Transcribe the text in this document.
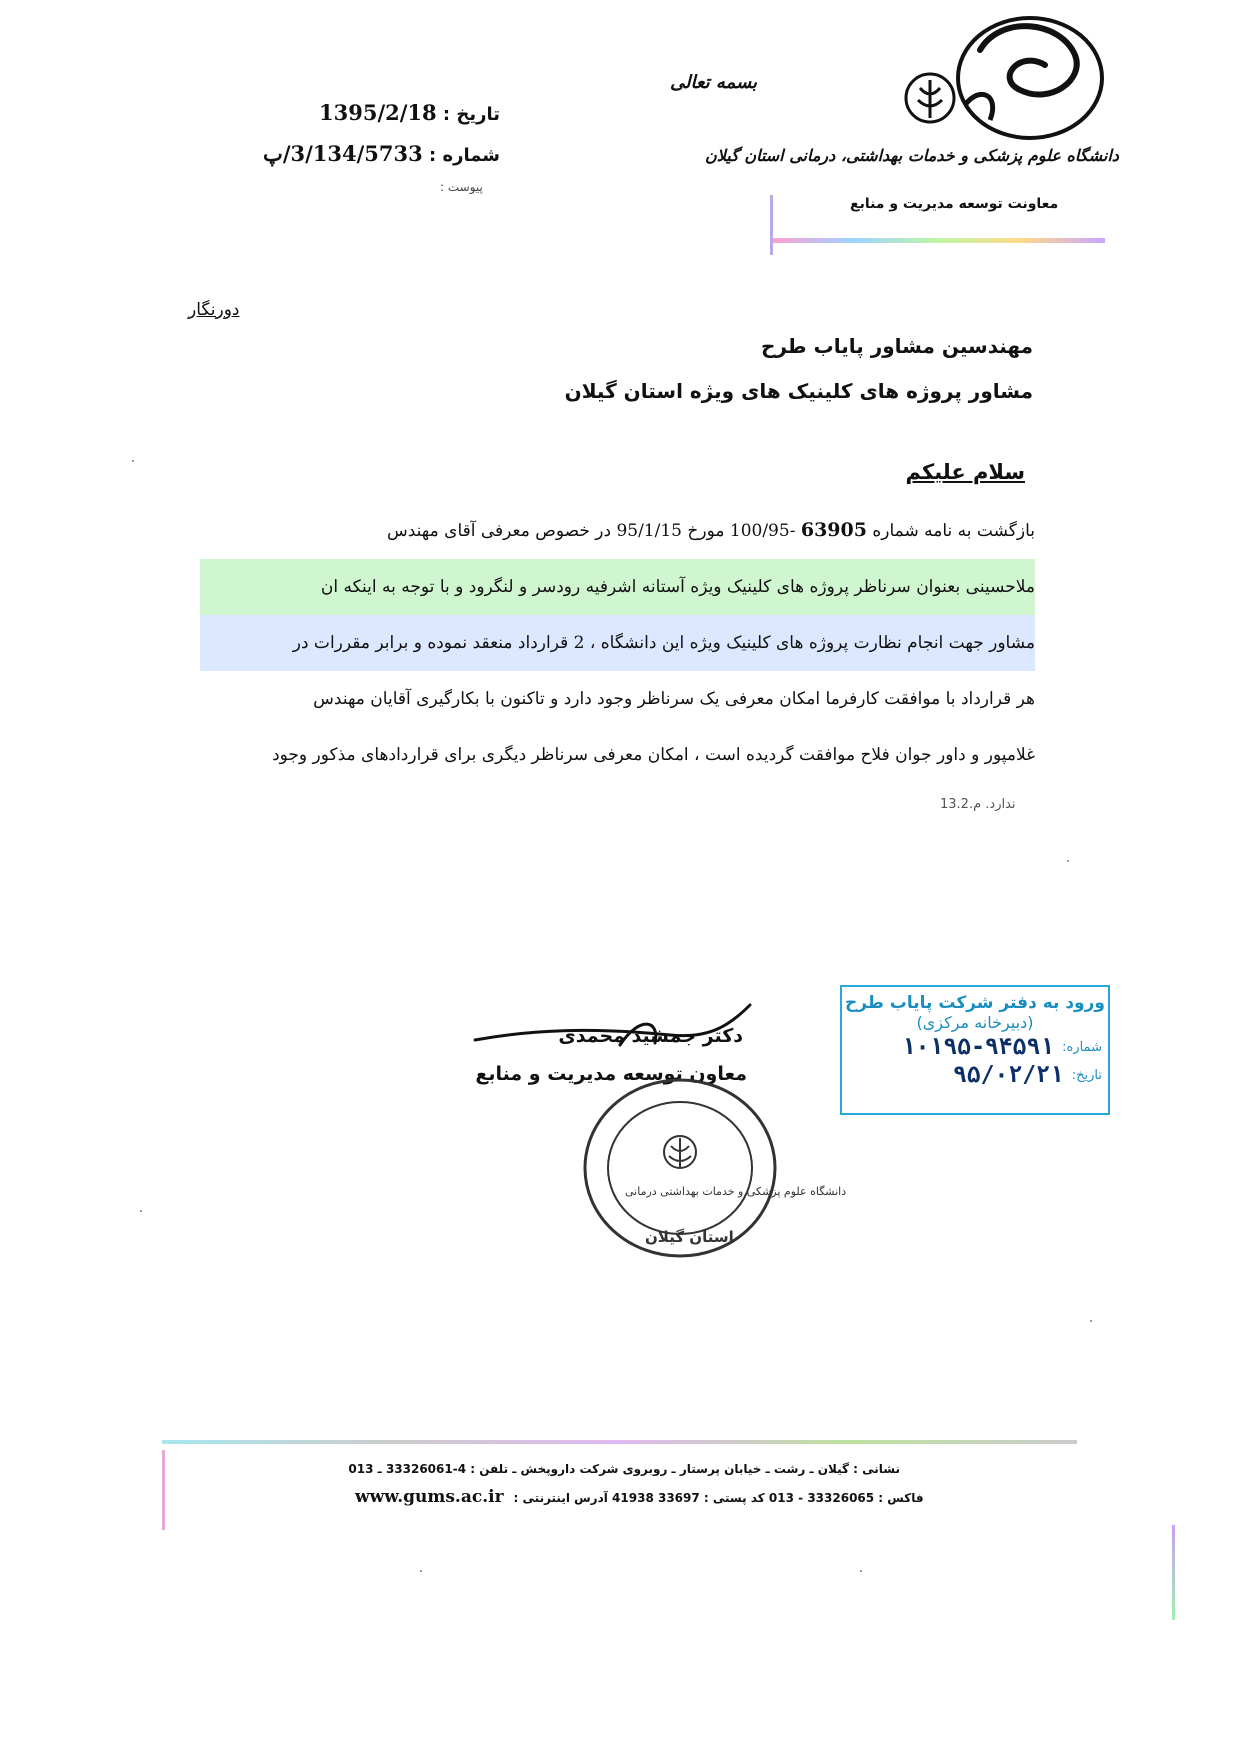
بسمه تعالی
دانشگاه علوم پزشکی و خدمات بهداشتی، درمانی استان گیلان
معاونت توسعه مدیریت و منابع
تاریخ : 1395/2/18
شماره : 3/134/5733/پ
پیوست :
دورنگار
مهندسین مشاور پایاب طرح
مشاور پروژه های کلینیک های ویژه استان گیلان
سلام علیکم
بازگشت به نامه شماره 63905 -100/95 مورخ 95/1/15 در خصوص معرفی آقای مهندس
ملاحسینی بعنوان سرناظر پروژه های کلینیک ویژه آستانه اشرفیه رودسر و لنگرود و با توجه به اینکه ان
مشاور جهت انجام نظارت پروژه های کلینیک ویژه این دانشگاه ، 2 قرارداد منعقد نموده و برابر مقررات در
هر قرارداد با موافقت کارفرما امکان معرفی یک سرناظر وجود دارد و تاکنون با بکارگیری آقایان مهندس
غلامپور و داور جوان فلاح موافقت گردیده است ، امکان معرفی سرناظر دیگری برای قراردادهای مذکور وجود
ندارد. م.13.2
ورود به دفتر شرکت پایاب طرح
(دبیرخانه مرکزی)
شماره:
۱۰۱۹۵-۹۴۵۹۱
تاریخ:
۹۵/۰۲/۲۱
دکتر جمشید محمدی
معاون توسعه مدیریت و منابع
دانشگاه علوم پزشکی و خدمات بهداشتی درمانی
استان گیلان
نشانی : گیلان ـ رشت ـ خیابان پرستار ـ روبروی شرکت داروپخش ـ تلفن : 4-33326061 ـ 013
فاکس : 33326065 - 013 کد پستی : 33697 41938 آدرس اینترنتی :
www.gums.ac.ir
